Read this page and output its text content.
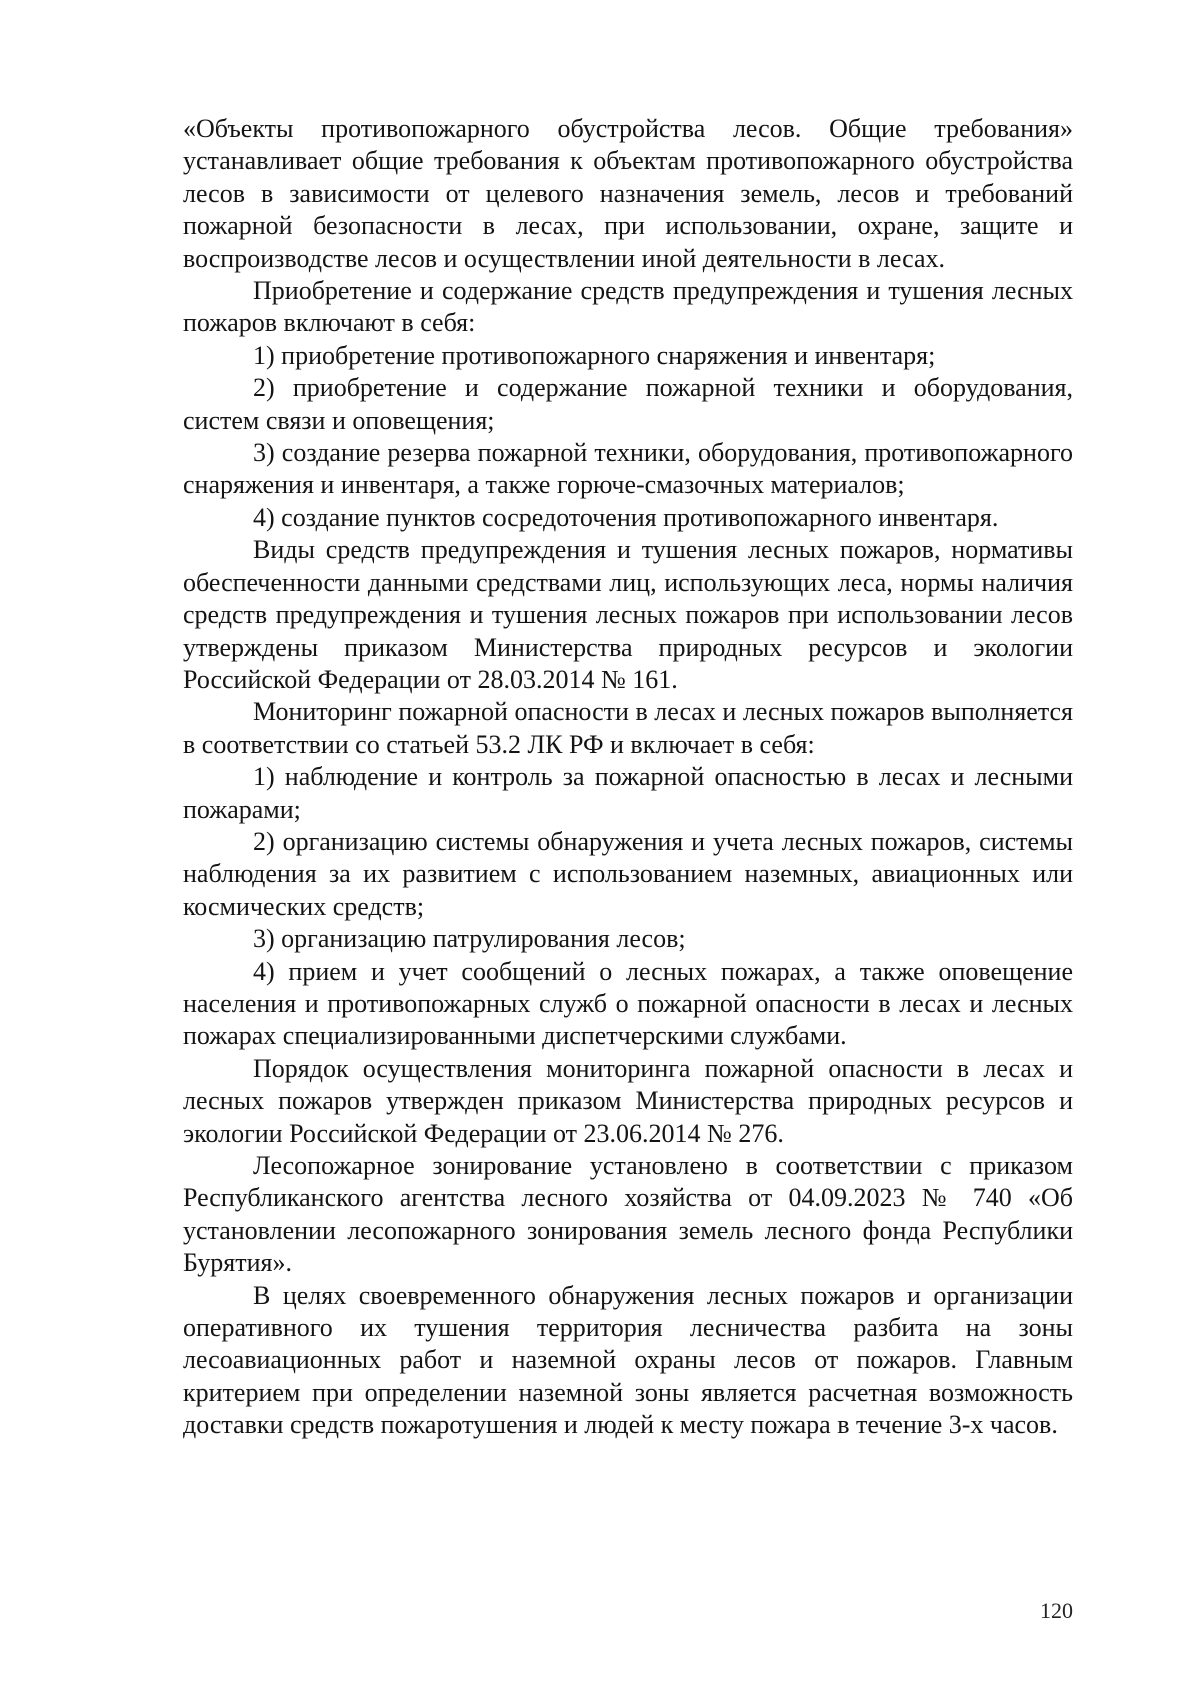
«Объекты противопожарного обустройства лесов. Общие требования» устанавливает общие требования к объектам противопожарного обустройства лесов в зависимости от целевого назначения земель, лесов и требований пожарной безопасности в лесах, при использовании, охране, защите и воспроизводстве лесов и осуществлении иной деятельности в лесах.

Приобретение и содержание средств предупреждения и тушения лесных пожаров включают в себя:

1) приобретение противопожарного снаряжения и инвентаря;

2) приобретение и содержание пожарной техники и оборудования, систем связи и оповещения;

3) создание резерва пожарной техники, оборудования, противопожарного снаряжения и инвентаря, а также горюче-смазочных материалов;

4) создание пунктов сосредоточения противопожарного инвентаря.

Виды средств предупреждения и тушения лесных пожаров, нормативы обеспеченности данными средствами лиц, использующих леса, нормы наличия средств предупреждения и тушения лесных пожаров при использовании лесов утверждены приказом Министерства природных ресурсов и экологии Российской Федерации от 28.03.2014 № 161.

Мониторинг пожарной опасности в лесах и лесных пожаров выполняется в соответствии со статьей 53.2 ЛК РФ и включает в себя:

1) наблюдение и контроль за пожарной опасностью в лесах и лесными пожарами;

2) организацию системы обнаружения и учета лесных пожаров, системы наблюдения за их развитием с использованием наземных, авиационных или космических средств;

3) организацию патрулирования лесов;

4) прием и учет сообщений о лесных пожарах, а также оповещение населения и противопожарных служб о пожарной опасности в лесах и лесных пожарах специализированными диспетчерскими службами.

Порядок осуществления мониторинга пожарной опасности в лесах и лесных пожаров утвержден приказом Министерства природных ресурсов и экологии Российской Федерации от 23.06.2014 № 276.

Лесопожарное зонирование установлено в соответствии с приказом Республиканского агентства лесного хозяйства от 04.09.2023 № 740 «Об установлении лесопожарного зонирования земель лесного фонда Республики Бурятия».

В целях своевременного обнаружения лесных пожаров и организации оперативного их тушения территория лесничества разбита на зоны лесоавиационных работ и наземной охраны лесов от пожаров. Главным критерием при определении наземной зоны является расчетная возможность доставки средств пожаротушения и людей к месту пожара в течение 3-х часов.

120
